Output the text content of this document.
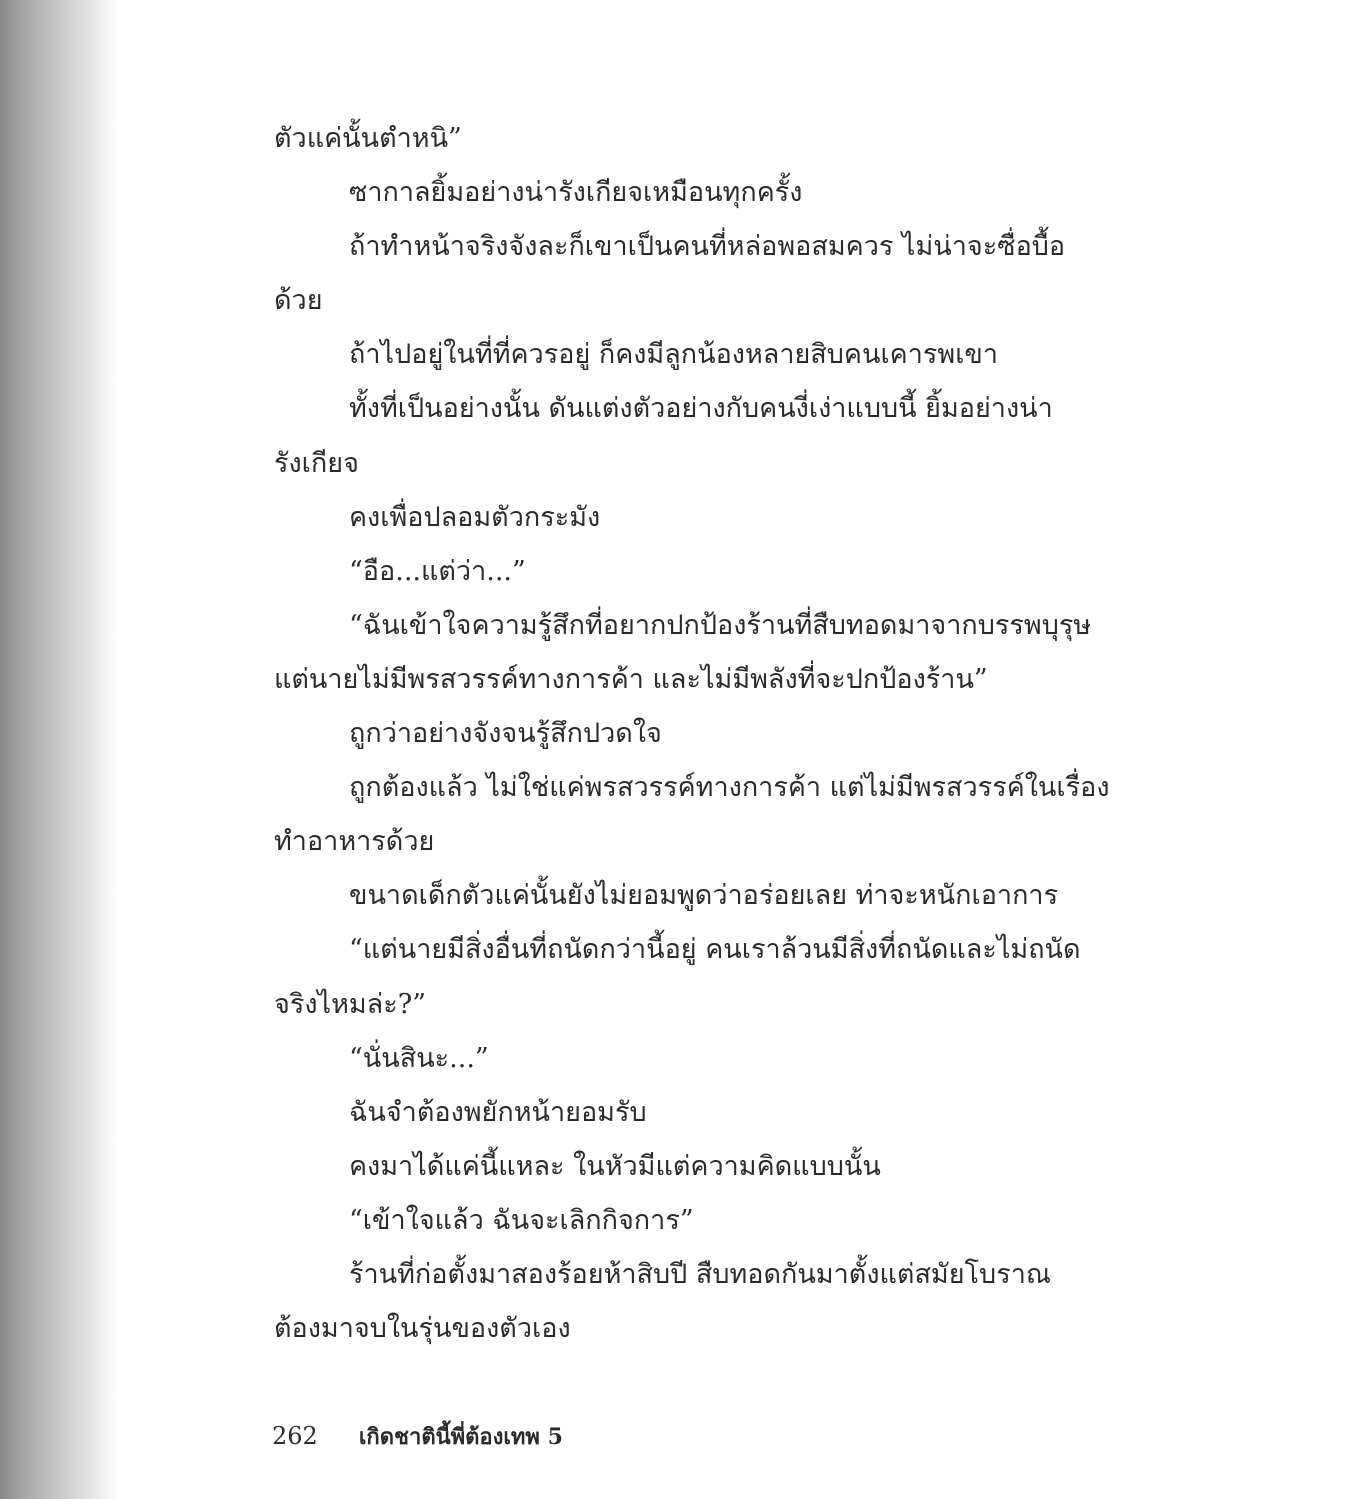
ตัวแค่นั้นตำหนิ”
ซากาลยิ้มอย่างน่ารังเกียจเหมือนทุกครั้ง
ถ้าทำหน้าจริงจังละก็เขาเป็นคนที่หล่อพอสมควร ไม่น่าจะซื่อบื้อ
ด้วย
ถ้าไปอยู่ในที่ที่ควรอยู่ ก็คงมีลูกน้องหลายสิบคนเคารพเขา
ทั้งที่เป็นอย่างนั้น ดันแต่งตัวอย่างกับคนงี่เง่าแบบนี้ ยิ้มอย่างน่า
รังเกียจ
คงเพื่อปลอมตัวกระมัง
“อือ...แต่ว่า...”
“ฉันเข้าใจความรู้สึกที่อยากปกป้องร้านที่สืบทอดมาจากบรรพบุรุษ
แต่นายไม่มีพรสวรรค์ทางการค้า และไม่มีพลังที่จะปกป้องร้าน”
ถูกว่าอย่างจังจนรู้สึกปวดใจ
ถูกต้องแล้ว ไม่ใช่แค่พรสวรรค์ทางการค้า แต่ไม่มีพรสวรรค์ในเรื่อง
ทำอาหารด้วย
ขนาดเด็กตัวแค่นั้นยังไม่ยอมพูดว่าอร่อยเลย ท่าจะหนักเอาการ
“แต่นายมีสิ่งอื่นที่ถนัดกว่านี้อยู่ คนเราล้วนมีสิ่งที่ถนัดและไม่ถนัด
จริงไหมล่ะ?”
“นั่นสินะ...”
ฉันจำต้องพยักหน้ายอมรับ
คงมาได้แค่นี้แหละ ในหัวมีแต่ความคิดแบบนั้น
“เข้าใจแล้ว ฉันจะเลิกกิจการ”
ร้านที่ก่อตั้งมาสองร้อยห้าสิบปี สืบทอดกันมาตั้งแต่สมัยโบราณ
ต้องมาจบในรุ่นของตัวเอง
262 เกิดชาตินี้พี่ต้องเทพ 5
